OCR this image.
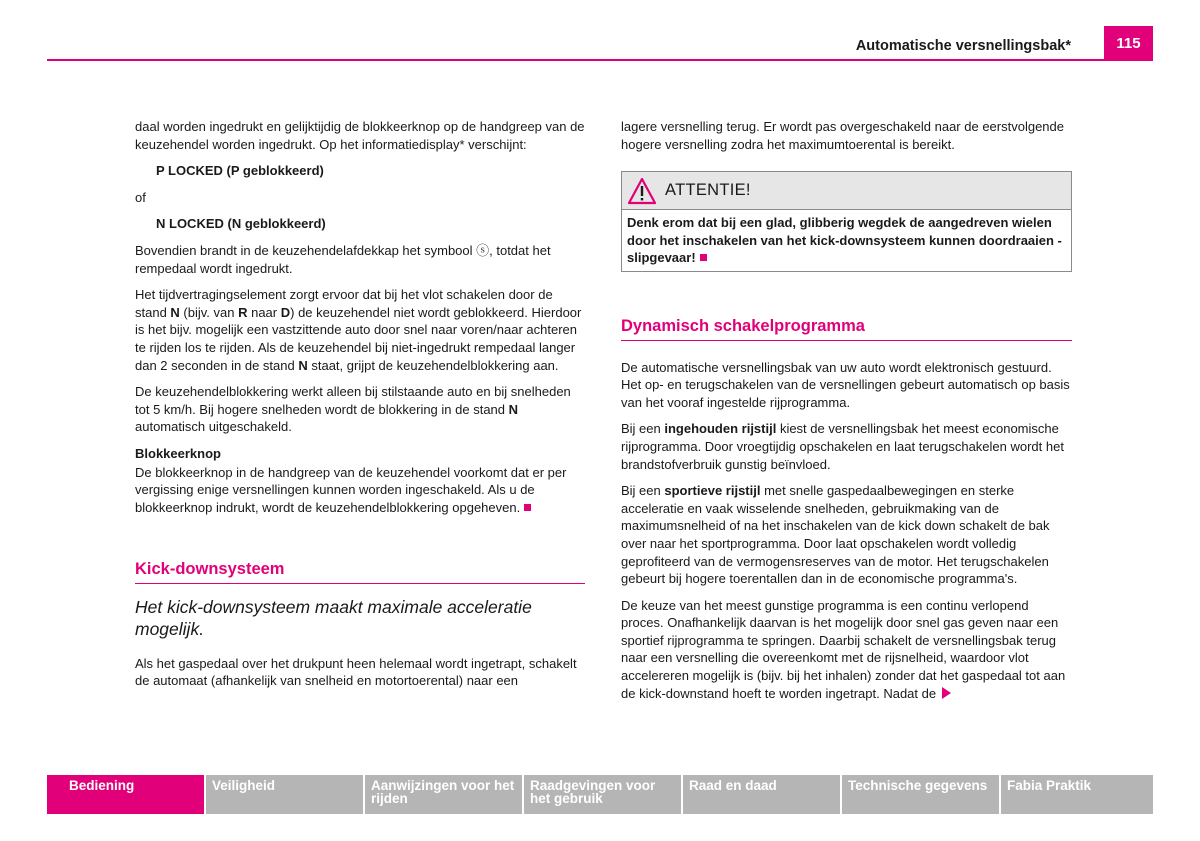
Automatische versnellingsbak*	115

daal worden ingedrukt en gelijktijdig de blokkeerknop op de handgreep van de keuzehendel worden ingedrukt. Op het informatiedisplay* verschijnt:

P LOCKED (P geblokkeerd)

of

N LOCKED (N geblokkeerd)

Bovendien brandt in de keuzehendelafdekkap het symbool ⓢ, totdat het rempedaal wordt ingedrukt.

Het tijdvertragingselement zorgt ervoor dat bij het vlot schakelen door de stand N (bijv. van R naar D) de keuzehendel niet wordt geblokkeerd. Hierdoor is het bijv. mogelijk een vastzittende auto door snel naar voren/naar achteren te rijden los te rijden. Als de keuzehendel bij niet-ingedrukt rempedaal langer dan 2 seconden in de stand N staat, grijpt de keuzehendelblokkering aan.

De keuzehendelblokkering werkt alleen bij stilstaande auto en bij snelheden tot 5 km/h. Bij hogere snelheden wordt de blokkering in de stand N automatisch uitgeschakeld.

Blokkeerknop

De blokkeerknop in de handgreep van de keuzehendel voorkomt dat er per vergissing enige versnellingen kunnen worden ingeschakeld. Als u de blokkeerknop indrukt, wordt de keuzehendelblokkering opgeheven.

Kick-downsysteem
Het kick-downsysteem maakt maximale acceleratie mogelijk.

Als het gaspedaal over het drukpunt heen helemaal wordt ingetrapt, schakelt de automaat (afhankelijk van snelheid en motortoerental) naar een

lagere versnelling terug. Er wordt pas overgeschakeld naar de eerstvolgende hogere versnelling zodra het maximumtoerental is bereikt.

ATTENTIE!
Denk erom dat bij een glad, glibberig wegdek de aangedreven wielen door het inschakelen van het kick-downsysteem kunnen doordraaien - slipgevaar!
Dynamisch schakelprogramma

De automatische versnellingsbak van uw auto wordt elektronisch gestuurd. Het op- en terugschakelen van de versnellingen gebeurt automatisch op basis van het vooraf ingestelde rijprogramma.

Bij een ingehouden rijstijl kiest de versnellingsbak het meest economische rijprogramma. Door vroegtijdig opschakelen en laat terugschakelen wordt het brandstofverbruik gunstig beïnvloed.

Bij een sportieve rijstijl met snelle gaspedaalbewegingen en sterke acceleratie en vaak wisselende snelheden, gebruikmaking van de maximumsnelheid of na het inschakelen van de kick down schakelt de bak over naar het sportprogramma. Door laat opschakelen wordt volledig geprofiteerd van de vermogensreserves van de motor. Het terugschakelen gebeurt bij hogere toerentallen dan in de economische programma's.

De keuze van het meest gunstige programma is een continu verlopend proces. Onafhankelijk daarvan is het mogelijk door snel gas geven naar een sportief rijprogramma te springen. Daarbij schakelt de versnellingsbak terug naar een versnelling die overeenkomt met de rijsnelheid, waardoor vlot accelereren mogelijk is (bijv. bij het inhalen) zonder dat het gaspedaal tot aan de kick-downstand hoeft te worden ingetrapt. Nadat de

Bediening	Veiligheid	Aanwijzingen voor het rijden
Raadgevingen voor het gebruik
Raad en daad	Technische gegevens	Fabia Praktik
